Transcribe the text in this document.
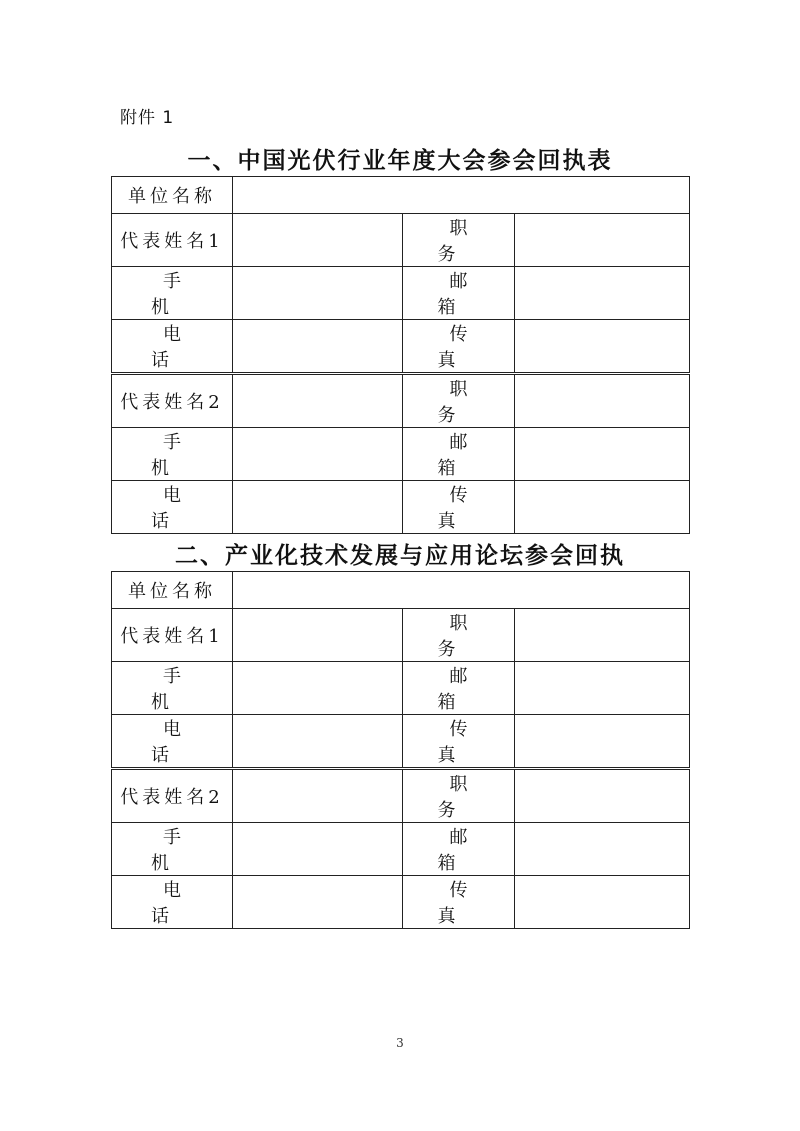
附件 1
一、中国光伏行业年度大会参会回执表
单位名称			
代表姓名1		职 务	
手 机		邮 箱	
电 话		传 真	
代表姓名2		职 务	
手 机		邮 箱	
电 话		传 真	
二、产业化技术发展与应用论坛参会回执
单位名称			
代表姓名1		职 务	
手 机		邮 箱	
电 话		传 真	
代表姓名2		职 务	
手 机		邮 箱	
电 话		传 真	
3
